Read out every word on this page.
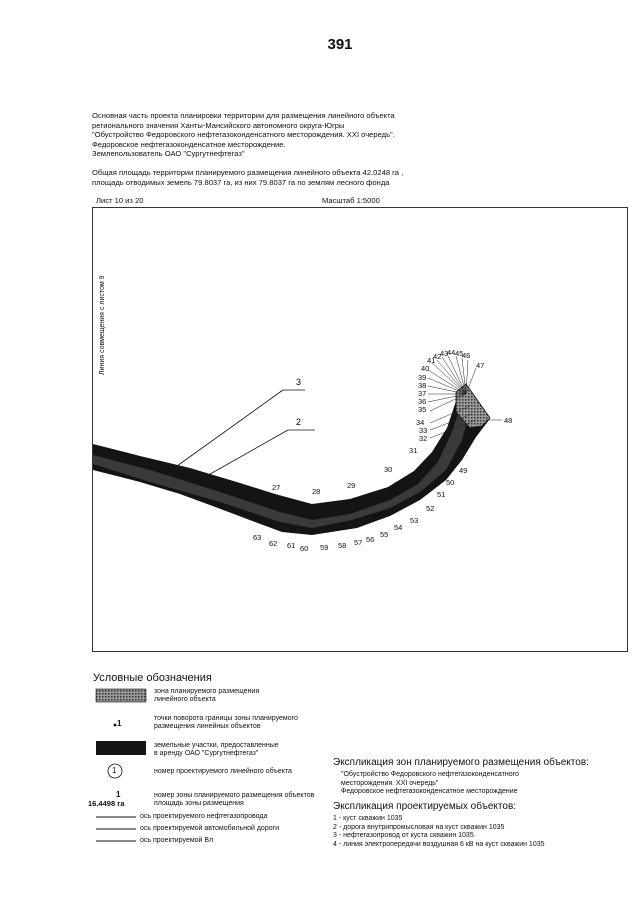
391
Основная часть проекта планировки территории для размещения линейного объекта
регионального значения Ханты-Мансийского автономного округа-Югры
"Обустройство Федоровского нефтегазоконденсатного месторождения. XXI очередь".
Федоровское нефтегазоконденсатное месторождение.
Землепользователь ОАО "Сургутнефтегаз"
Общая площадь территории планируемого размещения линейного объекта 42.0248 га ,
площадь отводимых земель 79.8037 га, из них 79.8037 га по землям лесного фонда
Лист 10 из 20	Масштаб 1:5000
3
2
27	28
29
30
31
32
33
34
35
36
37
38
39
40
41
42
43
44 45
46
47
48
49
50
51
52
53
54
55
56
57
58
59
60
61
62
63
Линия совмещения с листом 9
Условные обозначения
зона планируемого размещения
линейного объекта
1
точки поворота границы зоны планируемого
размещения линейных объектов
земельные участки, предоставленные
в аренду ОАО "Сургутнефтегаз"
1	номер проектируемого линейного объекта
1
16.4498 га
номер зоны планируемого размещения объектов
площадь зоны размещения
ось проектируемого нефтегазопровода
ось проектируемой автомобильной дороги
ось проектируемой Вл
Экспликация зон планируемого размещения объектов:
"Обустройство Федоровского нефтегазоконденсатного
месторождения. XXI очередь"
Федоровское нефтегазоконденсатное месторождение
Экспликация проектируемых объектов:
1 - куст скважин 1035
2 - дорога внутрипромысловая на куст скважин 1035
3 - нефтегазопровод от куста скважин 1035
4 - линия электропередачи воздушная 6 кВ на куст скважин 1035
